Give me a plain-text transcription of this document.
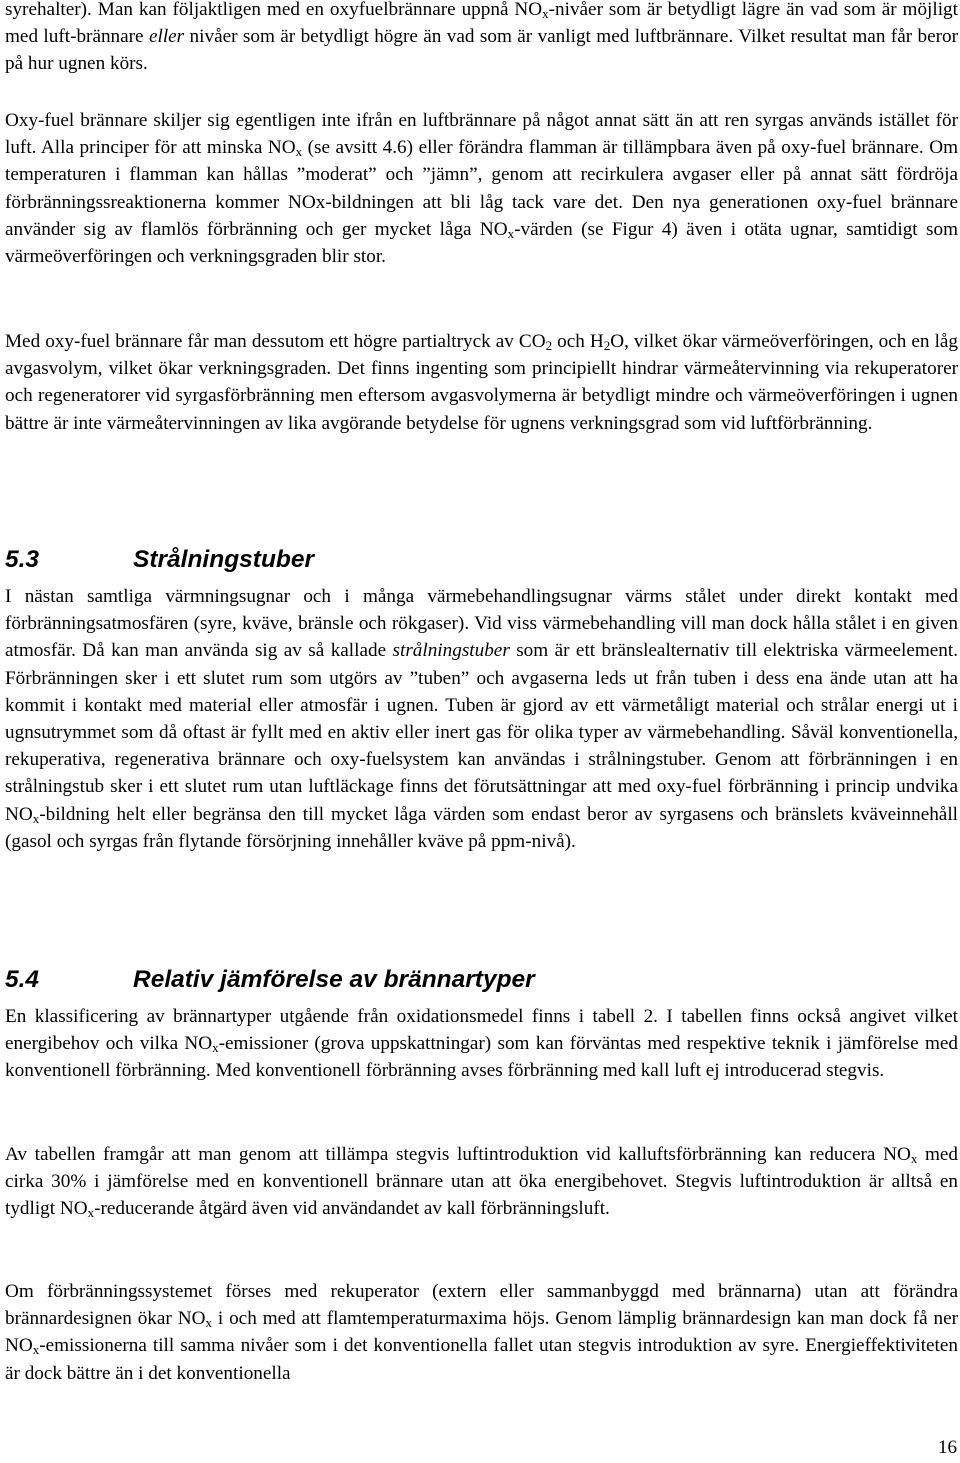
syrehalter). Man kan följaktligen med en oxyfuelbrännare uppnå $NO_x$-nivåer som är betydligt lägre än vad som är möjligt med luft-brännare eller nivåer som är betydligt högre än vad som är vanligt med luftbrännare. Vilket resultat man får beror på hur ugnen körs.

Oxy-fuel brännare skiljer sig egentligen inte ifrån en luftbrännare på något annat sätt än att ren syrgas används istället för luft. Alla principer för att minska $NO_x$ (se avsitt 4.6) eller förändra flamman är tillämpbara även på oxy-fuel brännare. Om temperaturen i flamman kan hållas ”moderat” och ”jämn”, genom att recirkulera avgaser eller på annat sätt fördröja förbränningssreaktionerna kommer NOx-bildningen att bli låg tack vare det. Den nya generationen oxy-fuel brännare använder sig av flamlös förbränning och ger mycket låga $NO_x$-värden (se Figur 4) även i otäta ugnar, samtidigt som värmeöverföringen och verkningsgraden blir stor.

Med oxy-fuel brännare får man dessutom ett högre partialtryck av $CO_2$ och $H_2O$, vilket ökar värmeöverföringen, och en låg avgasvolym, vilket ökar verkningsgraden. Det finns ingenting som principiellt hindrar värmeåtervinning via rekuperatorer och regeneratorer vid syrgasförbränning men eftersom avgasvolymerna är betydligt mindre och värmeöverföringen i ugnen bättre är inte värmeåtervinningen av lika avgörande betydelse för ugnens verkningsgrad som vid luftförbränning.

5.3	Strålningstuber

I nästan samtliga värmningsugnar och i många värmebehandlingsugnar värms stålet under direkt kontakt med förbränningsatmosfären (syre, kväve, bränsle och rökgaser). Vid viss värmebehandling vill man dock hålla stålet i en given atmosfär. Då kan man använda sig av så kallade strålningstuber som är ett bränslealternativ till elektriska värmeelement. Förbränningen sker i ett slutet rum som utgörs av ”tuben” och avgaserna leds ut från tuben i dess ena ände utan att ha kommit i kontakt med material eller atmosfär i ugnen. Tuben är gjord av ett värmetåligt material och strålar energi ut i ugnsutrymmet som då oftast är fyllt med en aktiv eller inert gas för olika typer av värmebehandling. Såväl konventionella, rekuperativa, regenerativa brännare och oxy-fuelsystem kan användas i strålningstuber. Genom att förbränningen i en strålningstub sker i ett slutet rum utan luftläckage finns det förutsättningar att med oxy-fuel förbränning i princip undvika $NO_x$-bildning helt eller begränsa den till mycket låga värden som endast beror av syrgasens och bränslets kväveinnehåll (gasol och syrgas från flytande försörjning innehåller kväve på ppm-nivå).

5.4	Relativ jämförelse av brännartyper

En klassificering av brännartyper utgående från oxidationsmedel finns i tabell 2. I tabellen finns också angivet vilket energibehov och vilka $NO_x$-emissioner (grova uppskattningar) som kan förväntas med respektive teknik i jämförelse med konventionell förbränning. Med konventionell förbränning avses förbränning med kall luft ej introducerad stegvis.

Av tabellen framgår att man genom att tillämpa stegvis luftintroduktion vid kalluftsförbränning kan reducera $NO_x$ med cirka 30% i jämförelse med en konventionell brännare utan att öka energibehovet. Stegvis luftintroduktion är alltså en tydligt $NO_x$-reducerande åtgärd även vid användandet av kall förbränningsluft.

Om förbränningssystemet förses med rekuperator (extern eller sammanbyggd med brännarna) utan att förändra brännardesignen ökar $NO_x$ i och med att flamtemperaturmaxima höjs. Genom lämplig brännardesign kan man dock få ner $NO_x$-emissionerna till samma nivåer som i det konventionella fallet utan stegvis introduktion av syre. Energieffektiviteten är dock bättre än i det konventionella

16
